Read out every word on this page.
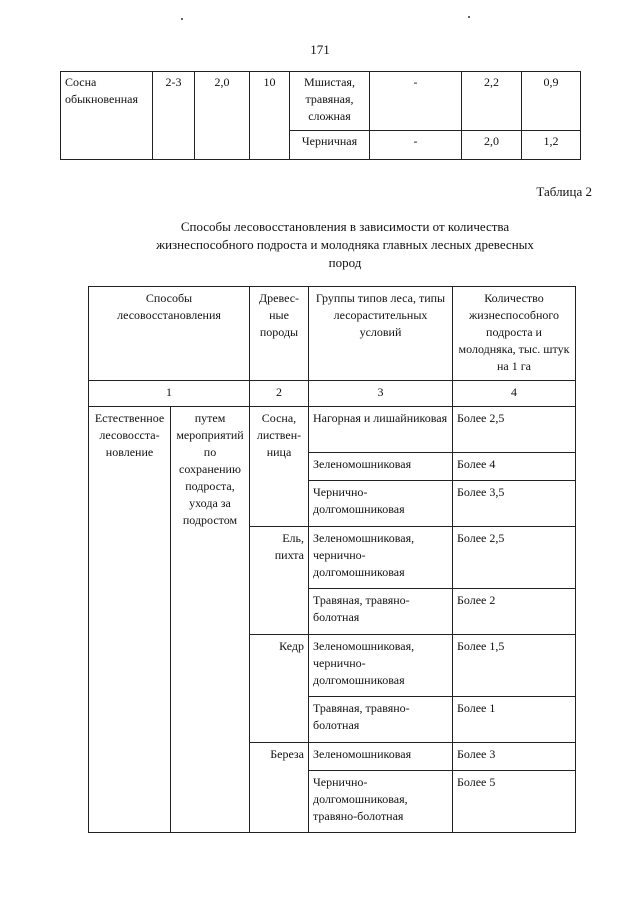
171
Сосна обыкновенная	2-3	2,0	10	Мшистая, травяная, сложная	-	2,2	0,9
				Черничная	-	2,0	1,2
Таблица 2
Способы лесовосстановления в зависимости от количества жизнеспособного подроста и молодняка главных лесных древесных пород
Способы лесовосстановления		Древес-ные породы	Группы типов леса, типы лесорастительных условий	Количество жизнеспособного подроста и молодняка, тыс. штук на 1 га
1		2	3	4
Естественное лесовосста-новление	путем мероприятий по сохранению подроста, ухода за подростом	Сосна, листвен-ница	Нагорная и лишайниковая	Более 2,5
			Зеленомошниковая	Более 4
			Чернично-долгомошниковая	Более 3,5
		Ель, пихта	Зеленомошниковая, чернично-долгомошниковая	Более 2,5
			Травяная, травяно-болотная	Более 2
		Кедр	Зеленомошниковая, чернично-долгомошниковая	Более 1,5
			Травяная, травяно-болотная	Более 1
		Береза	Зеленомошниковая	Более 3
			Чернично-долгомошниковая, травяно-болотная	Более 5
